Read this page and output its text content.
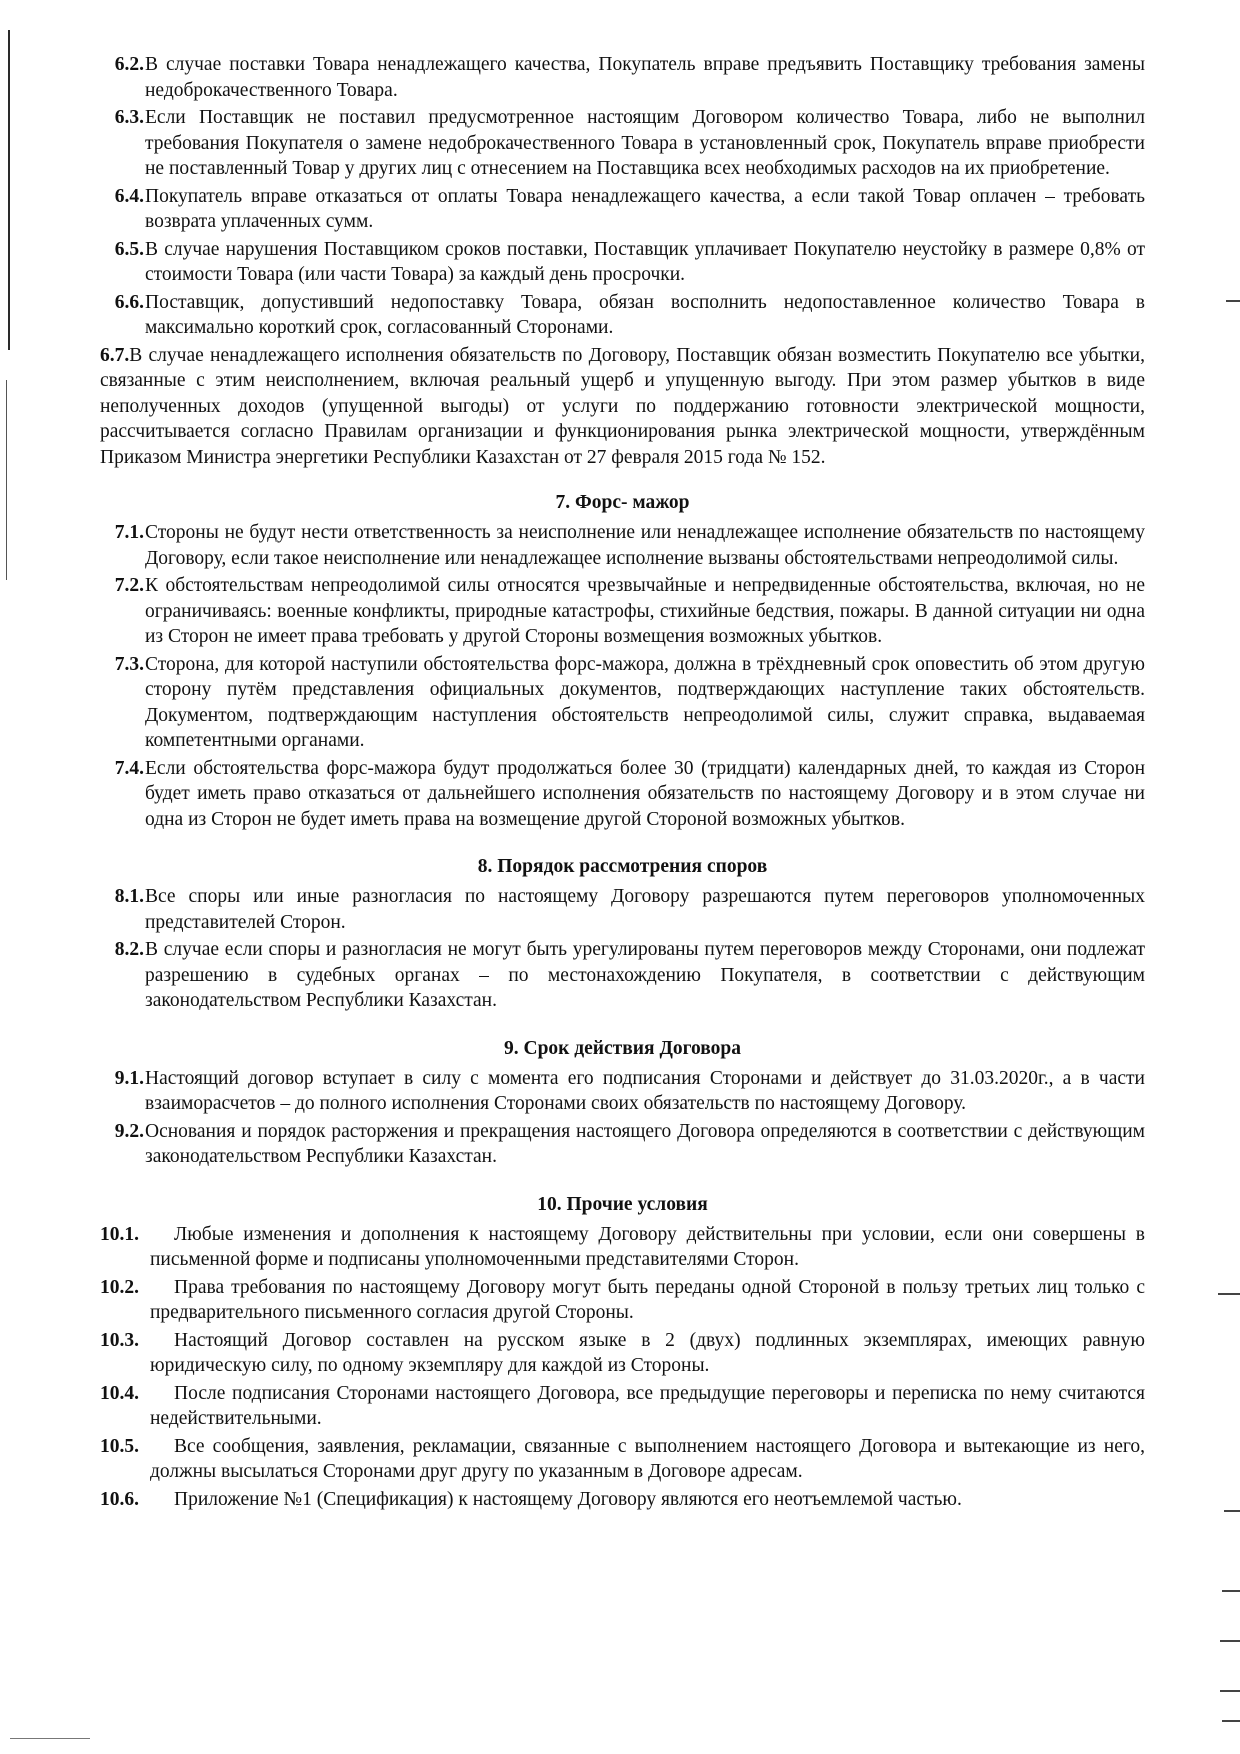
6.2. В случае поставки Товара ненадлежащего качества, Покупатель вправе предъявить Поставщику требования замены недоброкачественного Товара.
6.3. Если Поставщик не поставил предусмотренное настоящим Договором количество Товара, либо не выполнил требования Покупателя о замене недоброкачественного Товара в установленный срок, Покупатель вправе приобрести не поставленный Товар у других лиц с отнесением на Поставщика всех необходимых расходов на их приобретение.
6.4. Покупатель вправе отказаться от оплаты Товара ненадлежащего качества, а если такой Товар оплачен – требовать возврата уплаченных сумм.
6.5. В случае нарушения Поставщиком сроков поставки, Поставщик уплачивает Покупателю неустойку в размере 0,8% от стоимости Товара (или части Товара) за каждый день просрочки.
6.6. Поставщик, допустивший недопоставку Товара, обязан восполнить недопоставленное количество Товара в максимально короткий срок, согласованный Сторонами.
6.7.В случае ненадлежащего исполнения обязательств по Договору, Поставщик обязан возместить Покупателю все убытки, связанные с этим неисполнением, включая реальный ущерб и упущенную выгоду. При этом размер убытков в виде неполученных доходов (упущенной выгоды) от услуги по поддержанию готовности электрической мощности, рассчитывается согласно Правилам организации и функционирования рынка электрической мощности, утверждённым Приказом Министра энергетики Республики Казахстан от 27 февраля 2015 года № 152.
7. Форс- мажор
7.1. Стороны не будут нести ответственность за неисполнение или ненадлежащее исполнение обязательств по настоящему Договору, если такое неисполнение или ненадлежащее исполнение вызваны обстоятельствами непреодолимой силы.
7.2. К обстоятельствам непреодолимой силы относятся чрезвычайные и непредвиденные обстоятельства, включая, но не ограничиваясь: военные конфликты, природные катастрофы, стихийные бедствия, пожары. В данной ситуации ни одна из Сторон не имеет права требовать у другой Стороны возмещения возможных убытков.
7.3. Сторона, для которой наступили обстоятельства форс-мажора, должна в трёхдневный срок оповестить об этом другую сторону путём представления официальных документов, подтверждающих наступление таких обстоятельств. Документом, подтверждающим наступления обстоятельств непреодолимой силы, служит справка, выдаваемая компетентными органами.
7.4. Если обстоятельства форс-мажора будут продолжаться более 30 (тридцати) календарных дней, то каждая из Сторон будет иметь право отказаться от дальнейшего исполнения обязательств по настоящему Договору и в этом случае ни одна из Сторон не будет иметь права на возмещение другой Стороной возможных убытков.
8. Порядок рассмотрения споров
8.1. Все споры или иные разногласия по настоящему Договору разрешаются путем переговоров уполномоченных представителей Сторон.
8.2. В случае если споры и разногласия не могут быть урегулированы путем переговоров между Сторонами, они подлежат разрешению в судебных органах – по местонахождению Покупателя, в соответствии с действующим законодательством Республики Казахстан.
9. Срок действия Договора
9.1. Настоящий договор вступает в силу с момента его подписания Сторонами и действует до 31.03.2020г., а в части взаиморасчетов – до полного исполнения Сторонами своих обязательств по настоящему Договору.
9.2. Основания и порядок расторжения и прекращения настоящего Договора определяются в соответствии с действующим законодательством Республики Казахстан.
10. Прочие условия
10.1.	Любые изменения и дополнения к настоящему Договору действительны при условии, если они совершены в письменной форме и подписаны уполномоченными представителями Сторон.
10.2.	Права требования по настоящему Договору могут быть переданы одной Стороной в пользу третьих лиц только с предварительного письменного согласия другой Стороны.
10.3.	Настоящий Договор составлен на русском языке в 2 (двух) подлинных экземплярах, имеющих равную юридическую силу, по одному экземпляру для каждой из Стороны.
10.4.	После подписания Сторонами настоящего Договора, все предыдущие переговоры и переписка по нему считаются недействительными.
10.5.	Все сообщения, заявления, рекламации, связанные с выполнением настоящего Договора и вытекающие из него, должны высылаться Сторонами друг другу по указанным в Договоре адресам.
10.6.	Приложение №1 (Спецификация) к настоящему Договору являются его неотъемлемой частью.
